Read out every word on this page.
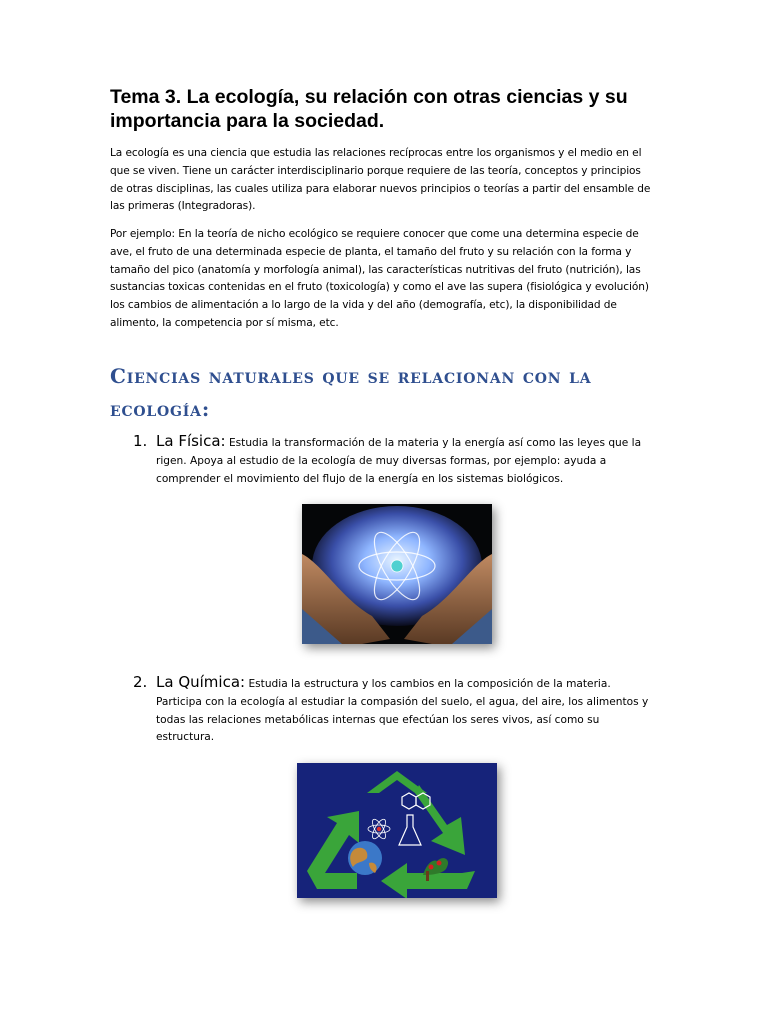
Tema 3. La ecología, su relación con otras ciencias y su importancia para la sociedad.

La ecología es una ciencia que estudia las relaciones recíprocas entre los organismos y el medio en el que se viven. Tiene un carácter interdisciplinario porque requiere de las teoría, conceptos y principios de otras disciplinas, las cuales utiliza para elaborar nuevos principios o teorías a partir del ensamble de las primeras (Integradoras).

Por ejemplo: En la teoría de nicho ecológico se requiere conocer que come una determina especie de ave, el fruto de una determinada especie de planta, el tamaño del fruto y su relación con la forma y tamaño del pico (anatomía y morfología animal), las características nutritivas del fruto (nutrición), las sustancias toxicas contenidas en el fruto (toxicología) y como el ave las supera (fisiológica y evolución) los cambios de alimentación a lo largo de la vida y del año (demografía, etc), la disponibilidad de alimento, la competencia por sí misma, etc.

Ciencias naturales que se relacionan con la ecología:
1. La Física: Estudia la transformación de la materia y la energía así como las leyes que la rigen. Apoya al estudio de la ecología de muy diversas formas, por ejemplo: ayuda a comprender el movimiento del flujo de la energía en los sistemas biológicos.
2. La Química: Estudia la estructura y los cambios en la composición de la materia. Participa con la ecología al estudiar la compasión del suelo, el agua, del aire, los alimentos y todas las relaciones metabólicas internas que efectúan los seres vivos, así como su estructura.
